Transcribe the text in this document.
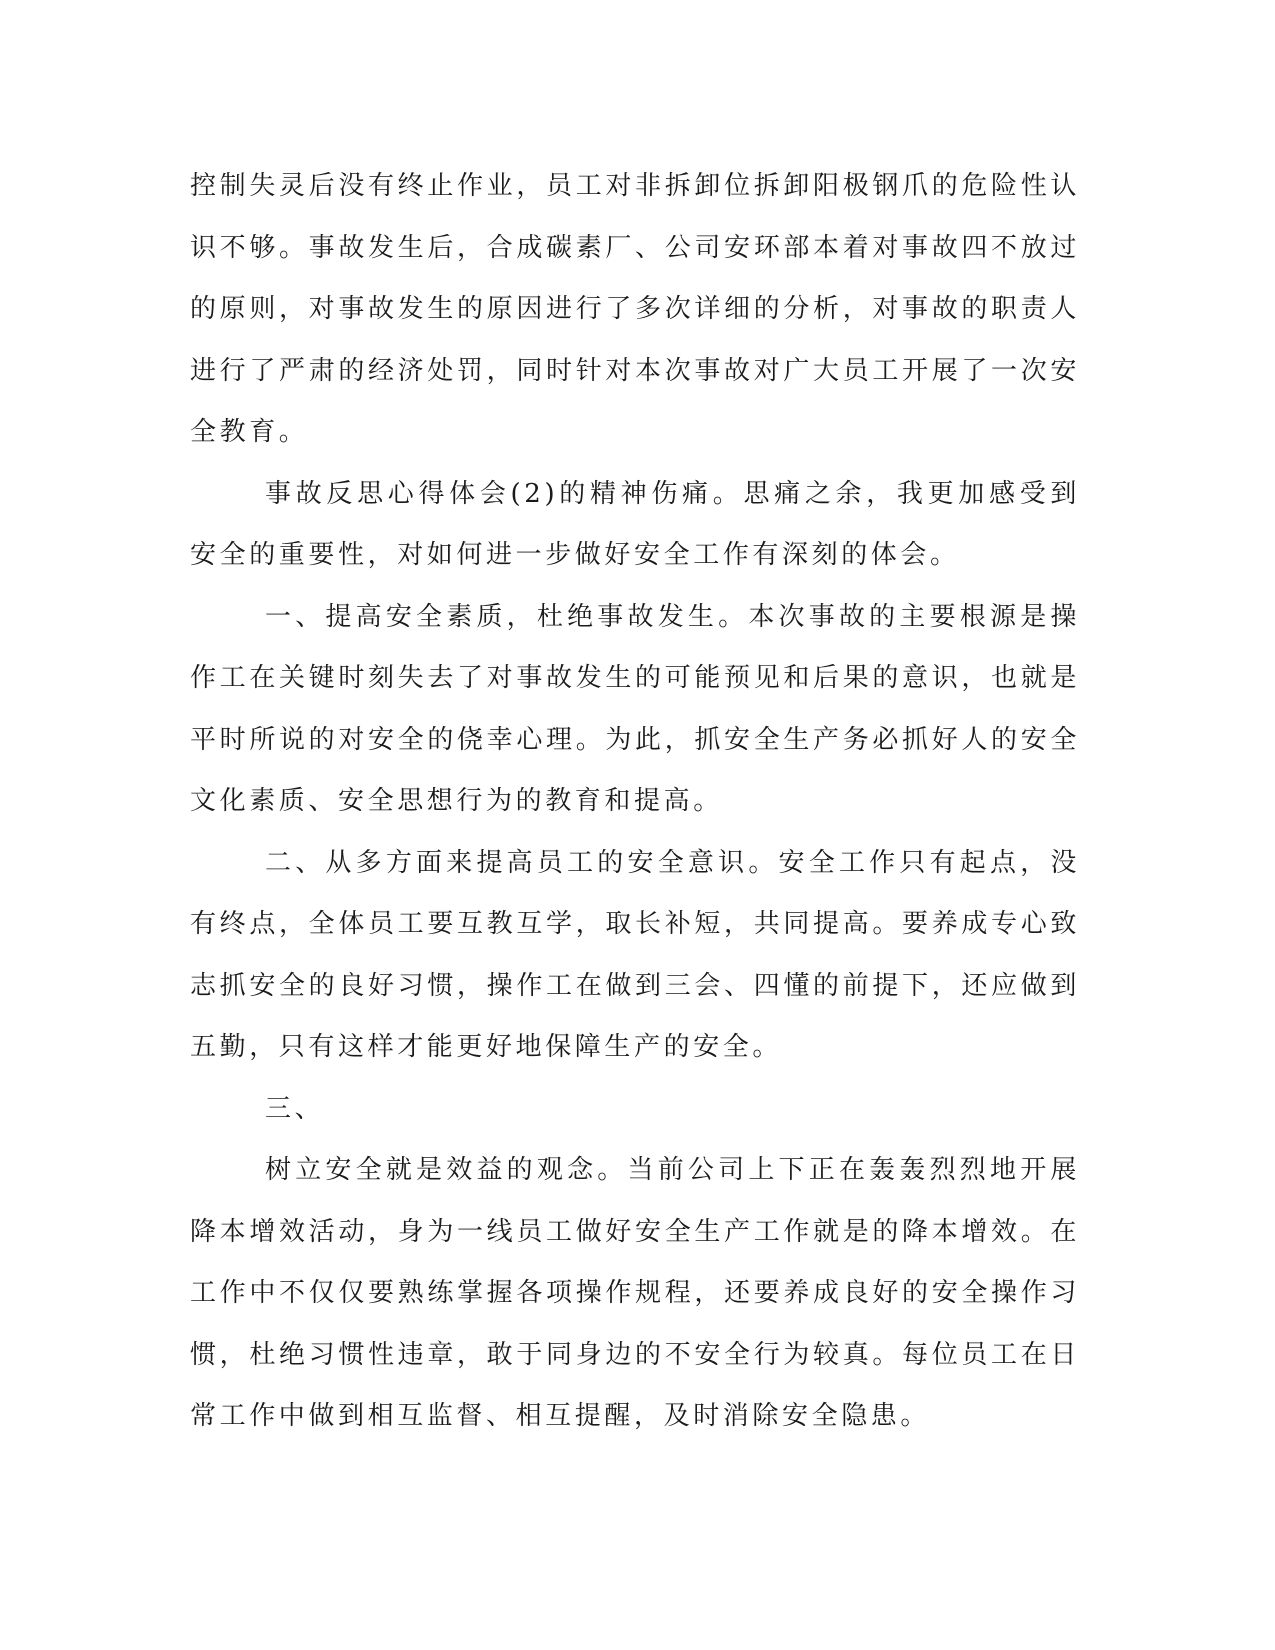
控制失灵后没有终止作业，员工对非拆卸位拆卸阳极钢爪的危险性认识不够。事故发生后，合成碳素厂、公司安环部本着对事故四不放过的原则，对事故发生的原因进行了多次详细的分析，对事故的职责人进行了严肃的经济处罚，同时针对本次事故对广大员工开展了一次安全教育。

事故反思心得体会(2)的精神伤痛。思痛之余，我更加感受到安全的重要性，对如何进一步做好安全工作有深刻的体会。

一、提高安全素质，杜绝事故发生。本次事故的主要根源是操作工在关键时刻失去了对事故发生的可能预见和后果的意识，也就是平时所说的对安全的侥幸心理。为此，抓安全生产务必抓好人的安全文化素质、安全思想行为的教育和提高。

二、从多方面来提高员工的安全意识。安全工作只有起点，没有终点，全体员工要互教互学，取长补短，共同提高。要养成专心致志抓安全的良好习惯，操作工在做到三会、四懂的前提下，还应做到五勤，只有这样才能更好地保障生产的安全。

三、

树立安全就是效益的观念。当前公司上下正在轰轰烈烈地开展降本增效活动，身为一线员工做好安全生产工作就是的降本增效。在工作中不仅仅要熟练掌握各项操作规程，还要养成良好的安全操作习惯，杜绝习惯性违章，敢于同身边的不安全行为较真。每位员工在日常工作中做到相互监督、相互提醒，及时消除安全隐患。
